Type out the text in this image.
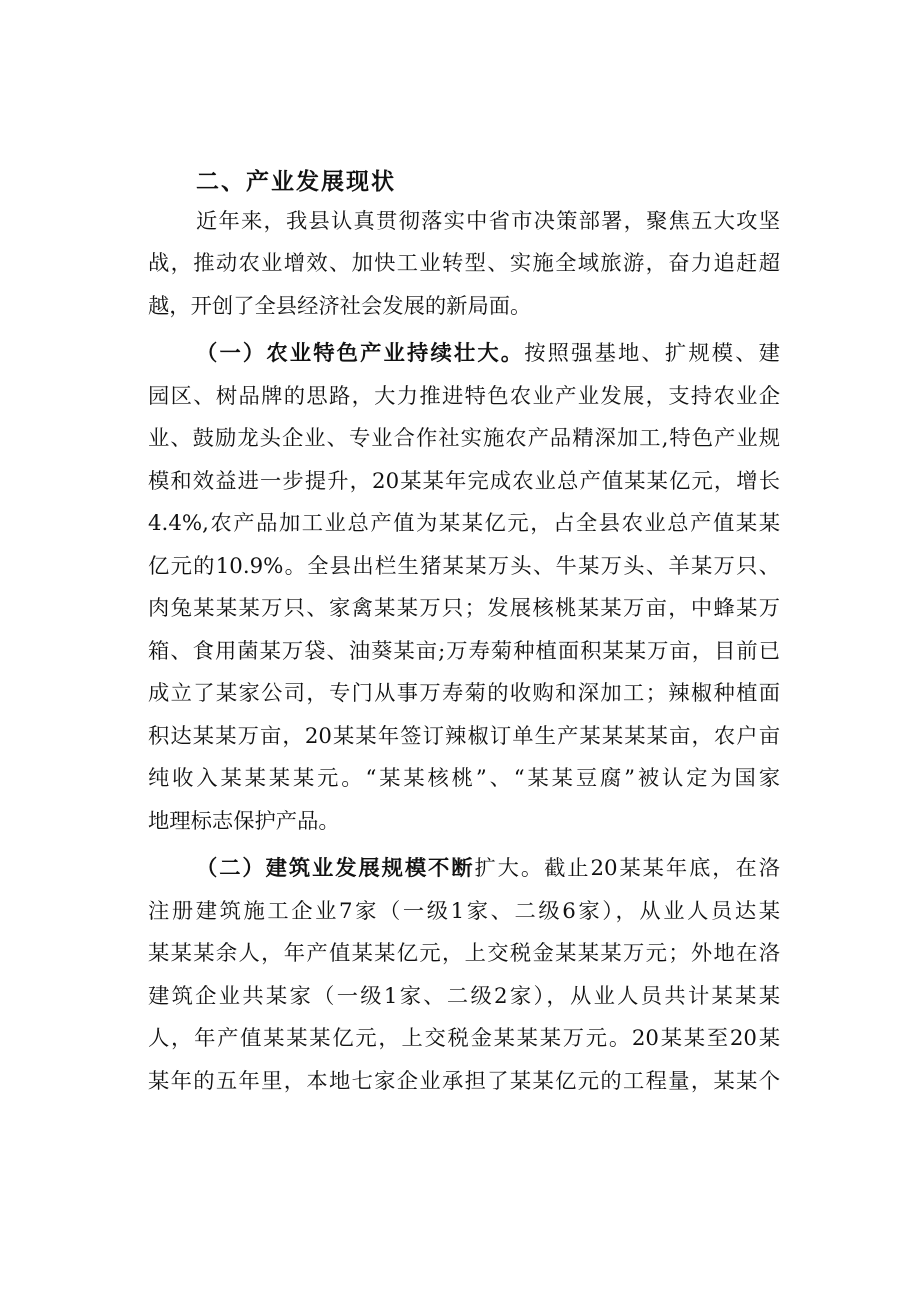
二、产业发展现状
近年来，我县认真贯彻落实中省市决策部署，聚焦五大攻坚
战，推动农业增效、加快工业转型、实施全域旅游，奋力追赶超
越，开创了全县经济社会发展的新局面。
（一）农业特色产业持续壮大。按照强基地、扩规模、建
园区、树品牌的思路，大力推进特色农业产业发展，支持农业企
业、鼓励龙头企业、专业合作社实施农产品精深加工,特色产业规
模和效益进一步提升，20某某年完成农业总产值某某亿元，增长
4.4%,农产品加工业总产值为某某亿元，占全县农业总产值某某
亿元的10.9%。全县出栏生猪某某万头、牛某万头、羊某万只、
肉兔某某某万只、家禽某某万只；发展核桃某某万亩，中蜂某万
箱、食用菌某万袋、油葵某亩;万寿菊种植面积某某万亩，目前已
成立了某家公司，专门从事万寿菊的收购和深加工；辣椒种植面
积达某某万亩，20某某年签订辣椒订单生产某某某某亩，农户亩
纯收入某某某某元。“某某核桃”、“某某豆腐”被认定为国家
地理标志保护产品。
（二）建筑业发展规模不断扩大。截止20某某年底，在洛
注册建筑施工企业7家（一级1家、二级6家），从业人员达某
某某某余人，年产值某某亿元，上交税金某某某万元；外地在洛
建筑企业共某家（一级1家、二级2家），从业人员共计某某某
人，年产值某某某亿元，上交税金某某某万元。20某某至20某
某年的五年里，本地七家企业承担了某某亿元的工程量，某某个
